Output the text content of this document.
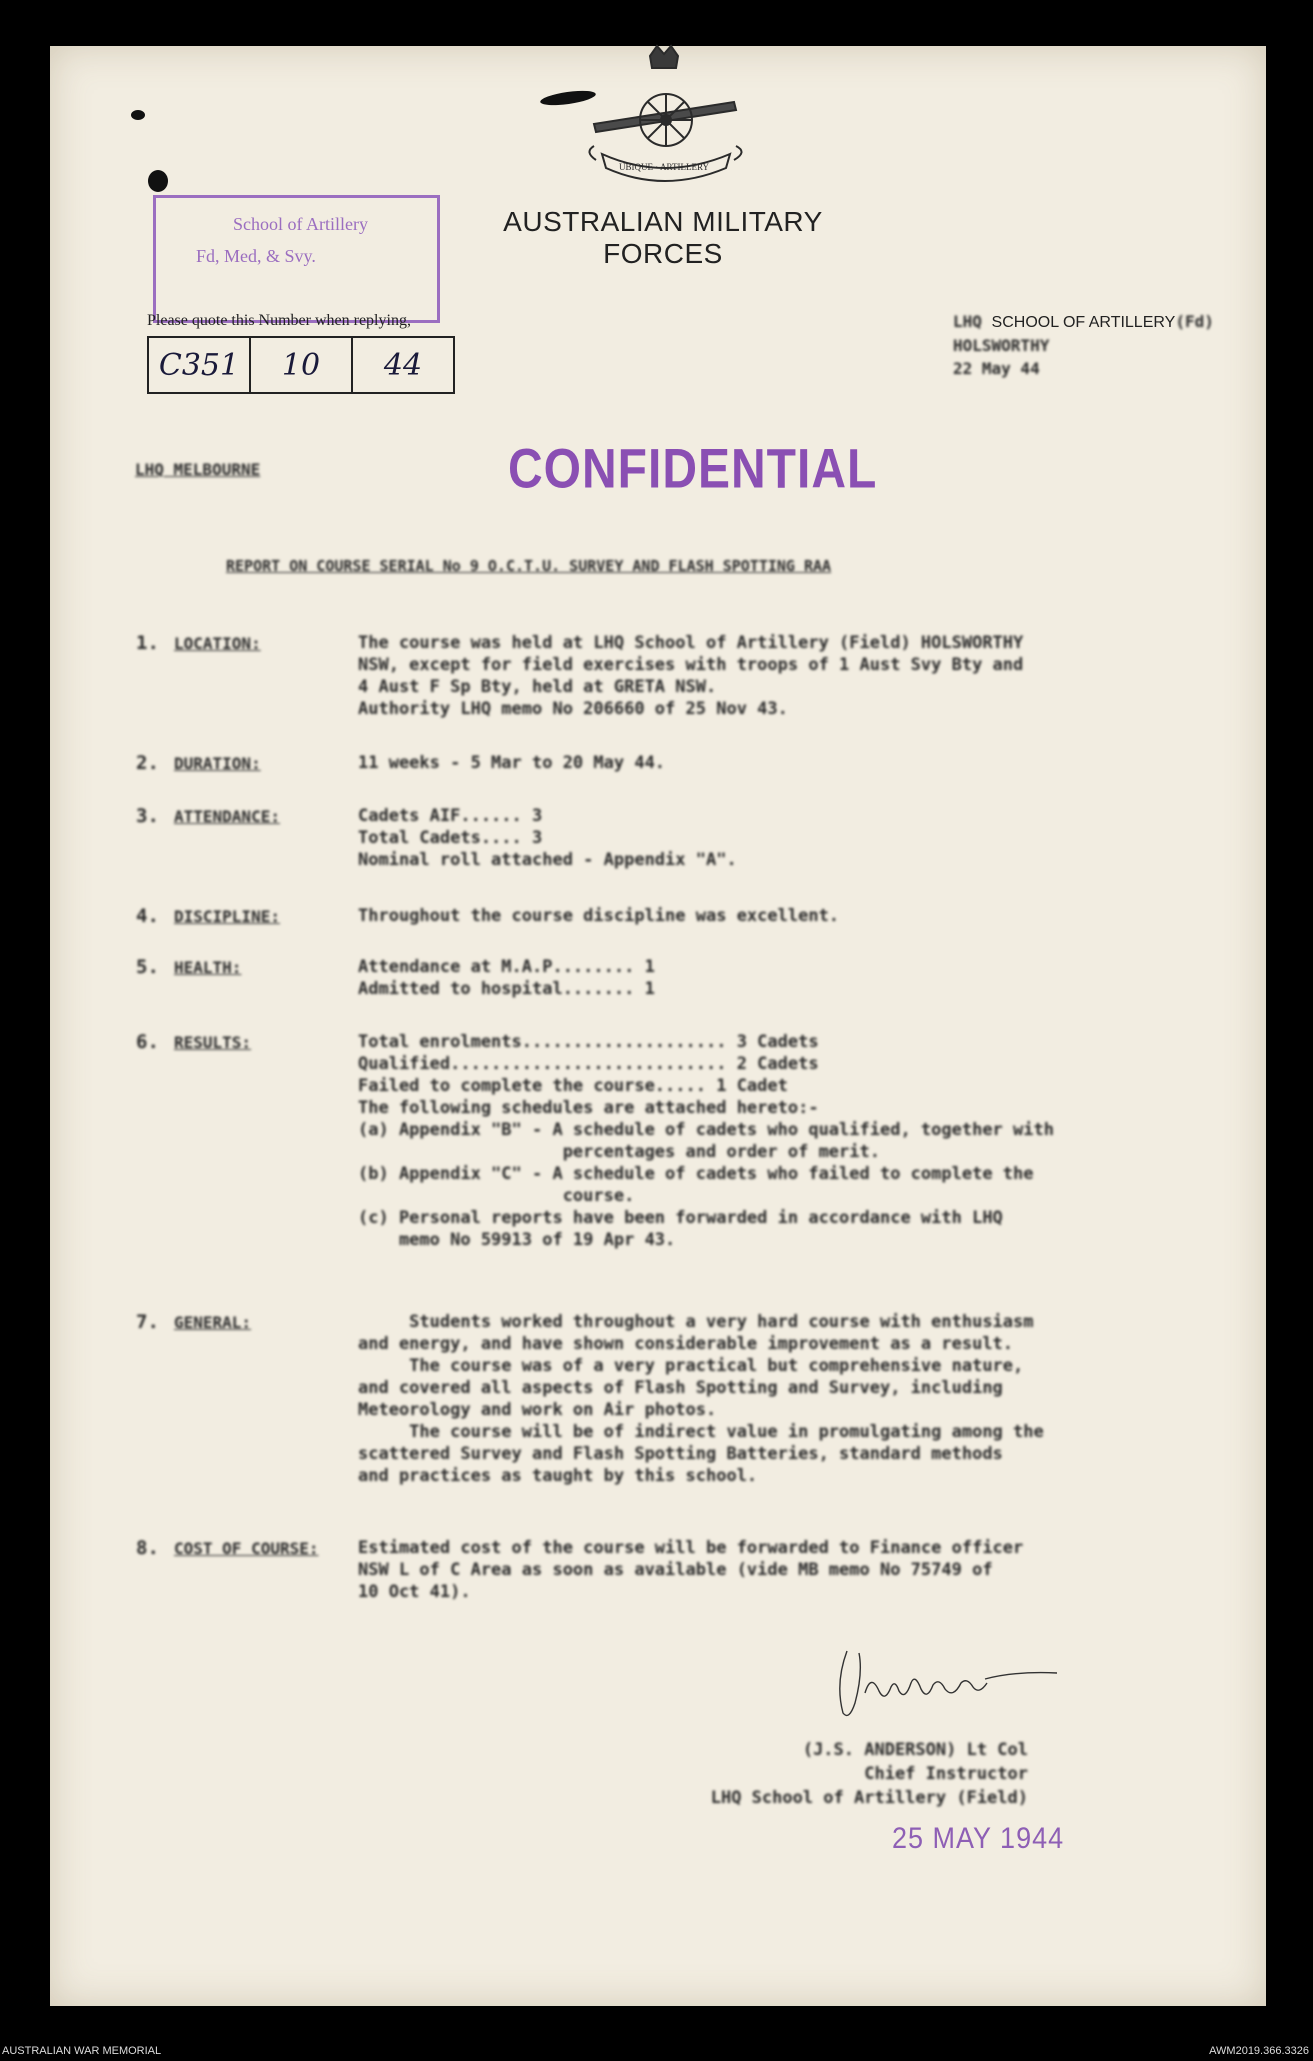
UBIQUE · ARTILLERY
AUSTRALIAN MILITARY FORCES
School of Artillery
Fd, Med, & Svy.
Please quote this Number when replying,
C351	10	44
LHQ SCHOOL OF ARTILLERY(Fd)
HOLSWORTHY
22 May 44
CONFIDENTIAL
LHQ MELBOURNE
REPORT ON COURSE SERIAL No 9 O.C.T.U. SURVEY AND FLASH SPOTTING RAA
1. LOCATION:	The course was held at LHQ School of Artillery (Field) HOLSWORTHY
NSW, except for field exercises with troops of 1 Aust Svy Bty and
4 Aust F Sp Bty, held at GRETA NSW.
Authority LHQ memo No 206660 of 25 Nov 43.
2. DURATION:	11 weeks - 5 Mar to 20 May 44.
3. ATTENDANCE:	Cadets AIF...... 3
Total Cadets.... 3
Nominal roll attached - Appendix "A".
4. DISCIPLINE:	Throughout the course discipline was excellent.
5. HEALTH:	Attendance at M.A.P........ 1
Admitted to hospital....... 1
6. RESULTS:	Total enrolments.................... 3 Cadets
Qualified........................... 2 Cadets
Failed to complete the course..... 1 Cadet
The following schedules are attached hereto:-
(a) Appendix "B" - A schedule of cadets who qualified, together with
percentages and order of merit.
(b) Appendix "C" - A schedule of cadets who failed to complete the
course.
(c) Personal reports have been forwarded in accordance with LHQ
memo No 59913 of 19 Apr 43.
7. GENERAL:	Students worked throughout a very hard course with enthusiasm
and energy, and have shown considerable improvement as a result.
The course was of a very practical but comprehensive nature,
and covered all aspects of Flash Spotting and Survey, including
Meteorology and work on Air photos.
The course will be of indirect value in promulgating among the
scattered Survey and Flash Spotting Batteries, standard methods
and practices as taught by this school.
8. COST OF COURSE: Estimated cost of the course will be forwarded to Finance officer
NSW L of C Area as soon as available (vide MB memo No 75749 of
10 Oct 41).
(J.S. ANDERSON) Lt Col
Chief Instructor
LHQ School of Artillery (Field)
25 MAY 1944
AUSTRALIAN WAR MEMORIAL	AWM2019.366.3326
